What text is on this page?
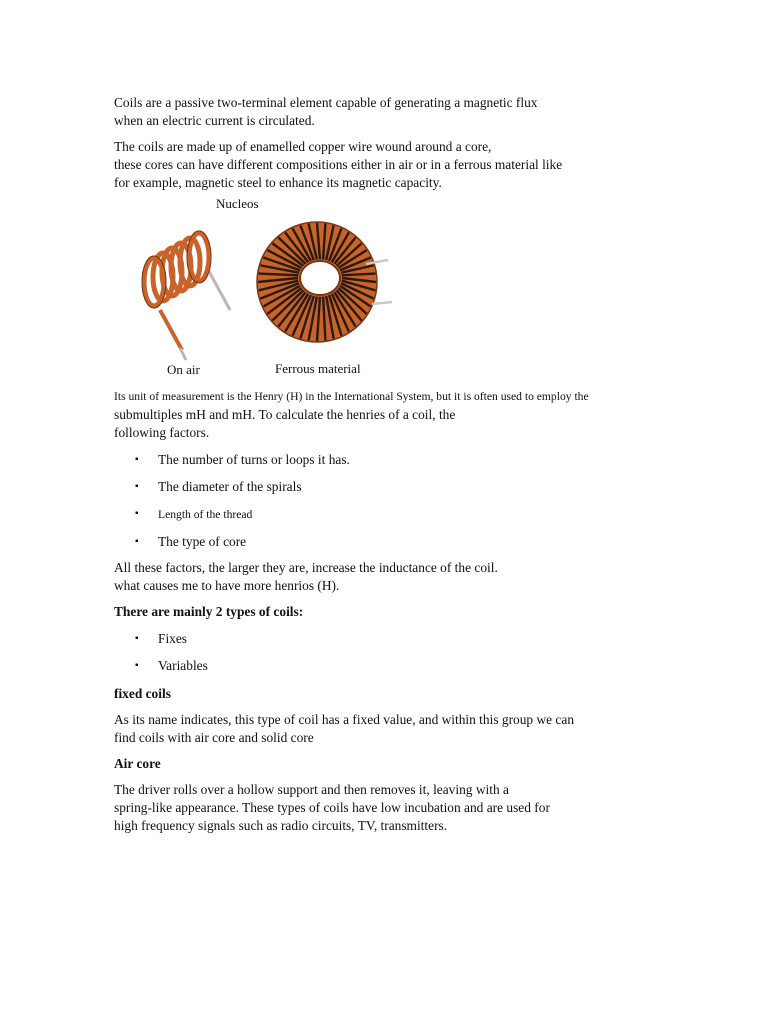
Coils are a passive two-terminal element capable of generating a magnetic flux

when an electric current is circulated.

The coils are made up of enamelled copper wire wound around a core,

these cores can have different compositions either in air or in a ferrous material like

for example, magnetic steel to enhance its magnetic capacity.

Nucleos
On air	Ferrous material

Its unit of measurement is the Henry (H) in the International System, but it is often used to employ the

submultiples mH and mH. To calculate the henries of a coil, the

following factors.

▪ The number of turns or loops it has.
▪ The diameter of the spirals
▪ Length of the thread
▪ The type of core

All these factors, the larger they are, increase the inductance of the coil.

what causes me to have more henrios (H).

There are mainly 2 types of coils:

▪ Fixes
▪ Variables

fixed coils

As its name indicates, this type of coil has a fixed value, and within this group we can

find coils with air core and solid core

Air core

The driver rolls over a hollow support and then removes it, leaving with a

spring-like appearance. These types of coils have low incubation and are used for

high frequency signals such as radio circuits, TV, transmitters.
